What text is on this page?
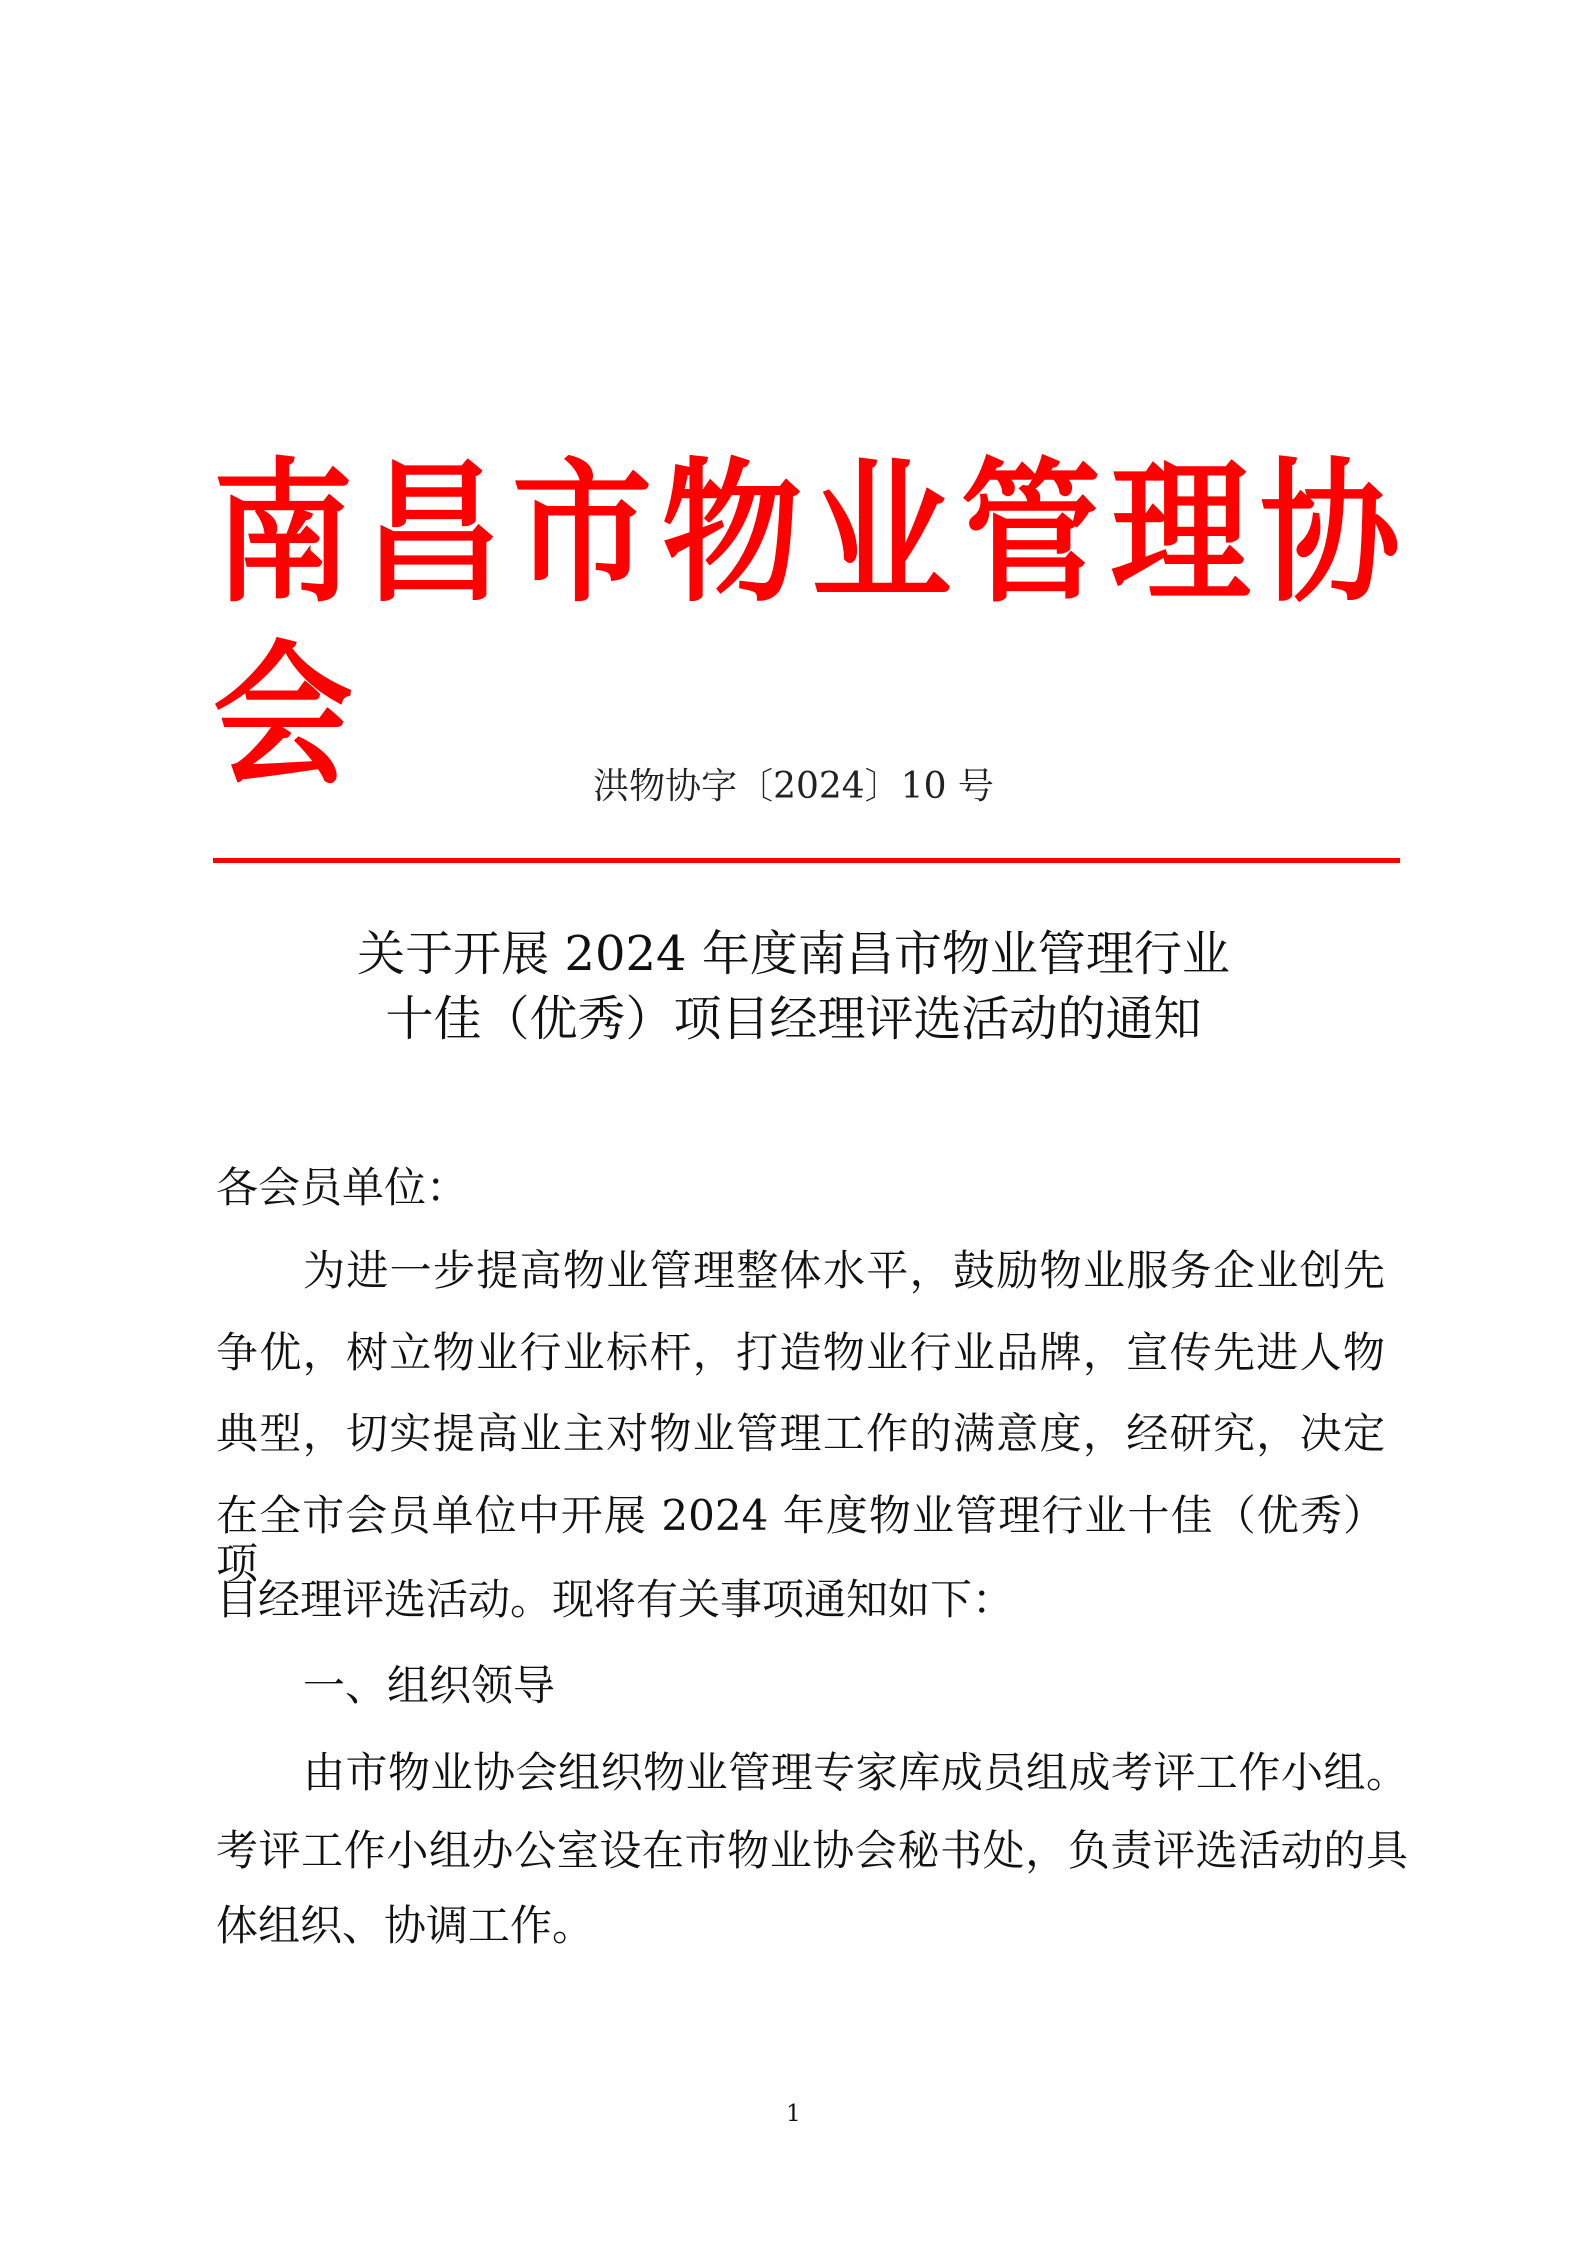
南昌市物业管理协会	洪物协字〔2024〕10 号
关于开展 2024 年度南昌市物业管理行业
十佳（优秀）项目经理评选活动的通知
各会员单位：
为进一步提高物业管理整体水平，鼓励物业服务企业创先
争优，树立物业行业标杆，打造物业行业品牌，宣传先进人物
典型，切实提高业主对物业管理工作的满意度，经研究，决定
在全市会员单位中开展 2024 年度物业管理行业十佳（优秀）项
目经理评选活动。现将有关事项通知如下：
一、组织领导
由市物业协会组织物业管理专家库成员组成考评工作小组。
考评工作小组办公室设在市物业协会秘书处，负责评选活动的具
体组织、协调工作。
1
